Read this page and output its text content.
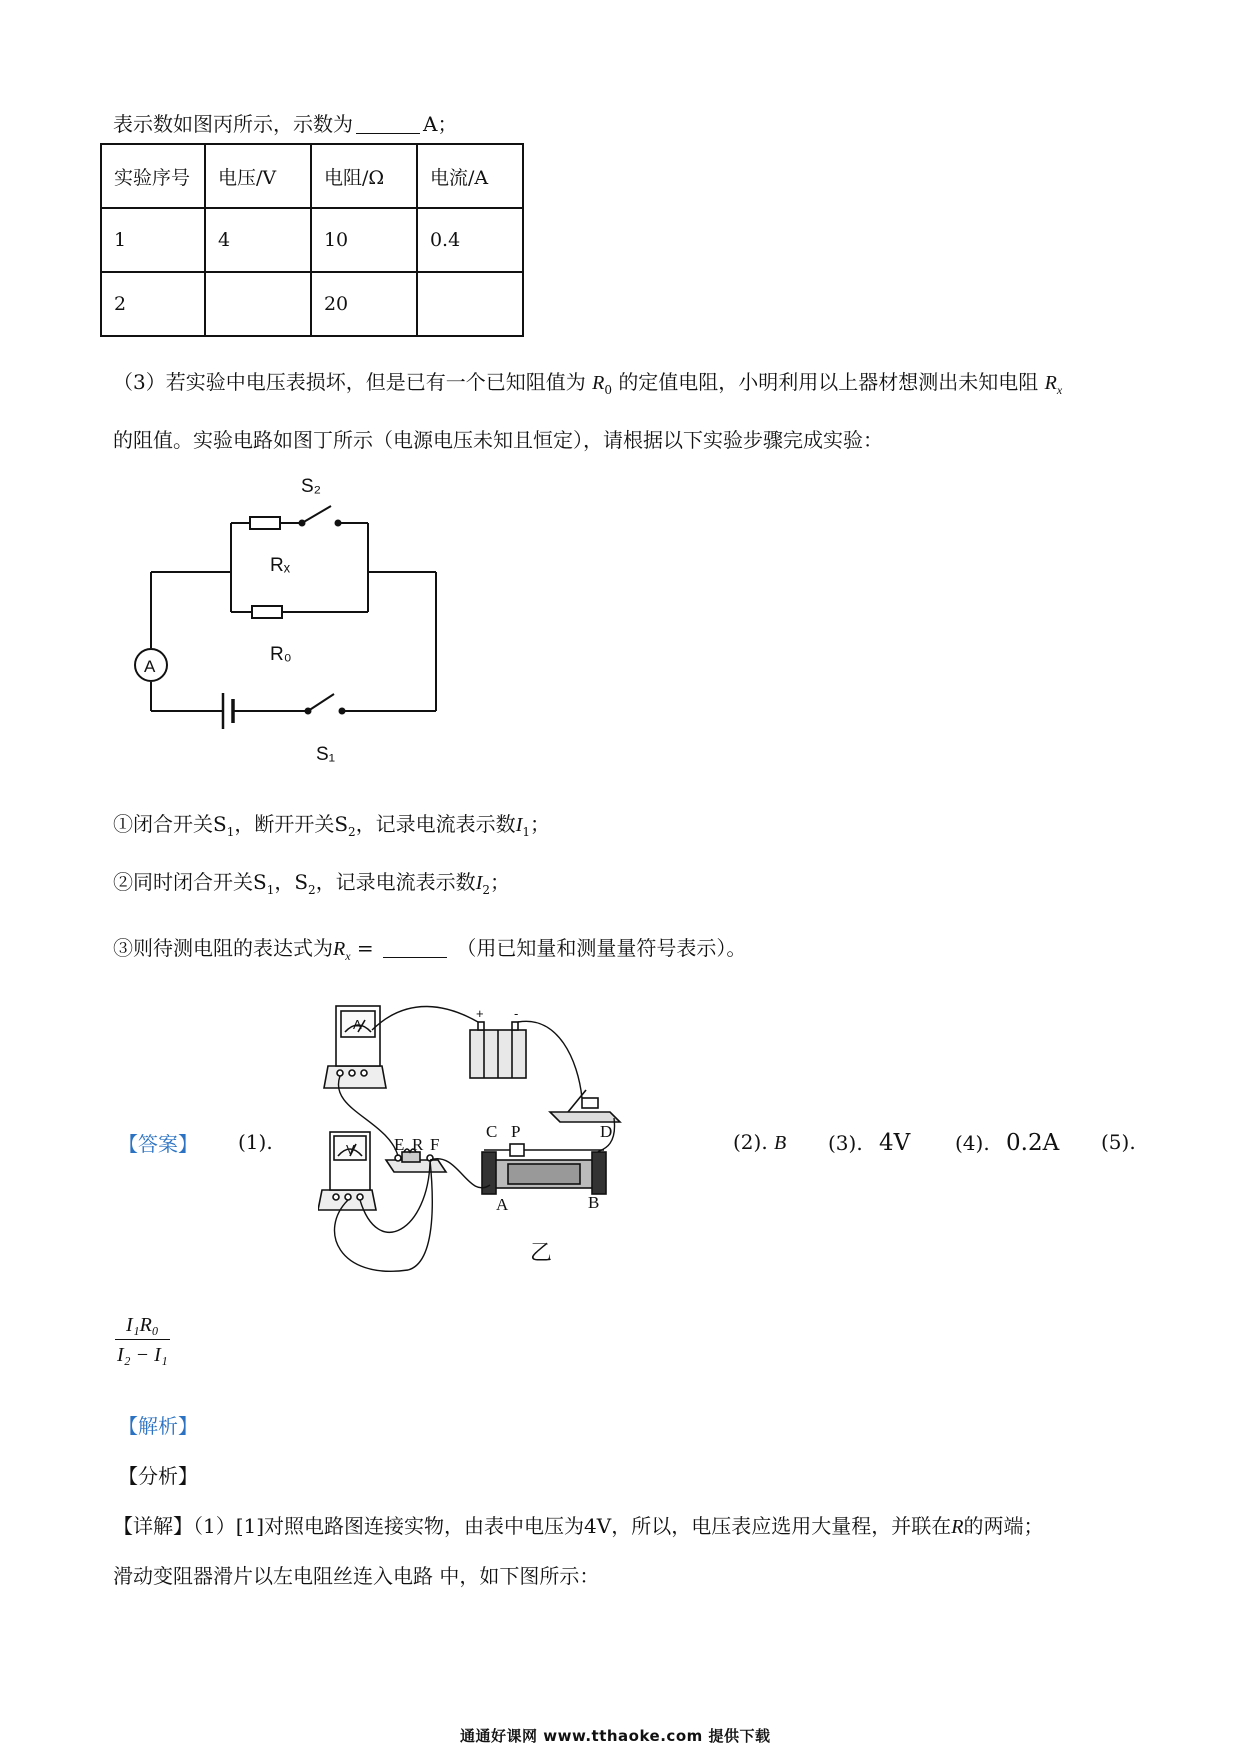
表示数如图丙所示，示数为	A；
实验序号	电压/V	电阻/Ω	电流/A
1	4	10	0.4
2		20	
（3）若实验中电压表损坏，但是已有一个已知阻值为 $R_0$ 的定值电阻，小明利用以上器材想测出未知电阻 $R_x$
的阻值。实验电路如图丁所示（电源电压未知且恒定），请根据以下实验步骤完成实验：
S₂
Rₓ
R₀
A
S₁
①闭合开关$S_1$，断开开关$S_2$，记录电流表示数$I_1$；
②同时闭合开关$S_1$，$S_2$，记录电流表示数$I_2$；
③则待测电阻的表达式为$R_x$ =	（用已知量和测量量符号表示）。
【答案】 (1).
A
V
+ -
E R F
C P	D
A	B
乙
(2). B (3). 4V (4). 0.2A (5).
$\frac{\text{I₁R₀}}{\text{I₂ − I₁}}$
【解析】
【分析】
【详解】（1）[1]对照电路图连接实物，由表中电压为4V，所以，电压表应选用大量程，并联在R的两端；
滑动变阻器滑片以左电阻丝连入电路 中，如下图所示：
通通好课网 www.tthaoke.com 提供下载
